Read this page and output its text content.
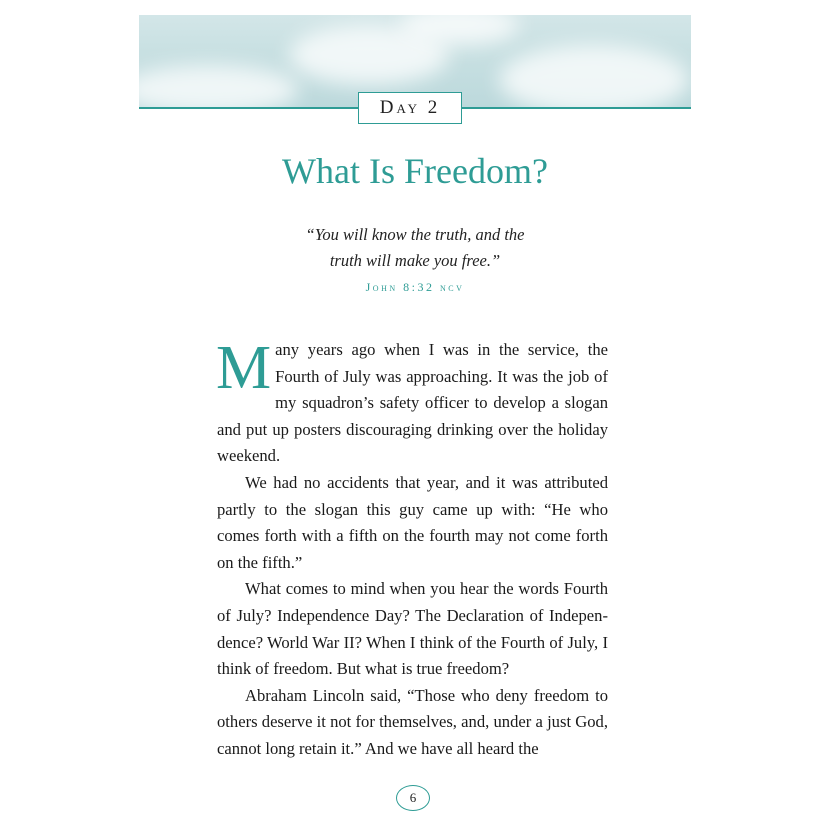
Day 2
What Is Freedom?
“You will know the truth, and the
truth will make you free.”
John 8:32 ncv

Many years ago when I was in the service, the Fourth of July was approaching. It was the job of my squadron’s safety officer to develop a slogan and put up posters discouraging drinking over the holiday weekend.

We had no accidents that year, and it was attributed partly to the slogan this guy came up with: “He who comes forth with a fifth on the fourth may not come forth on the fifth.”

What comes to mind when you hear the words Fourth of July? Independence Day? The Declaration of Indepen-dence? World War II? When I think of the Fourth of July, I think of freedom. But what is true freedom?

Abraham Lincoln said, “Those who deny freedom to others deserve it not for themselves, and, under a just God, cannot long retain it.” And we have all heard the

6
